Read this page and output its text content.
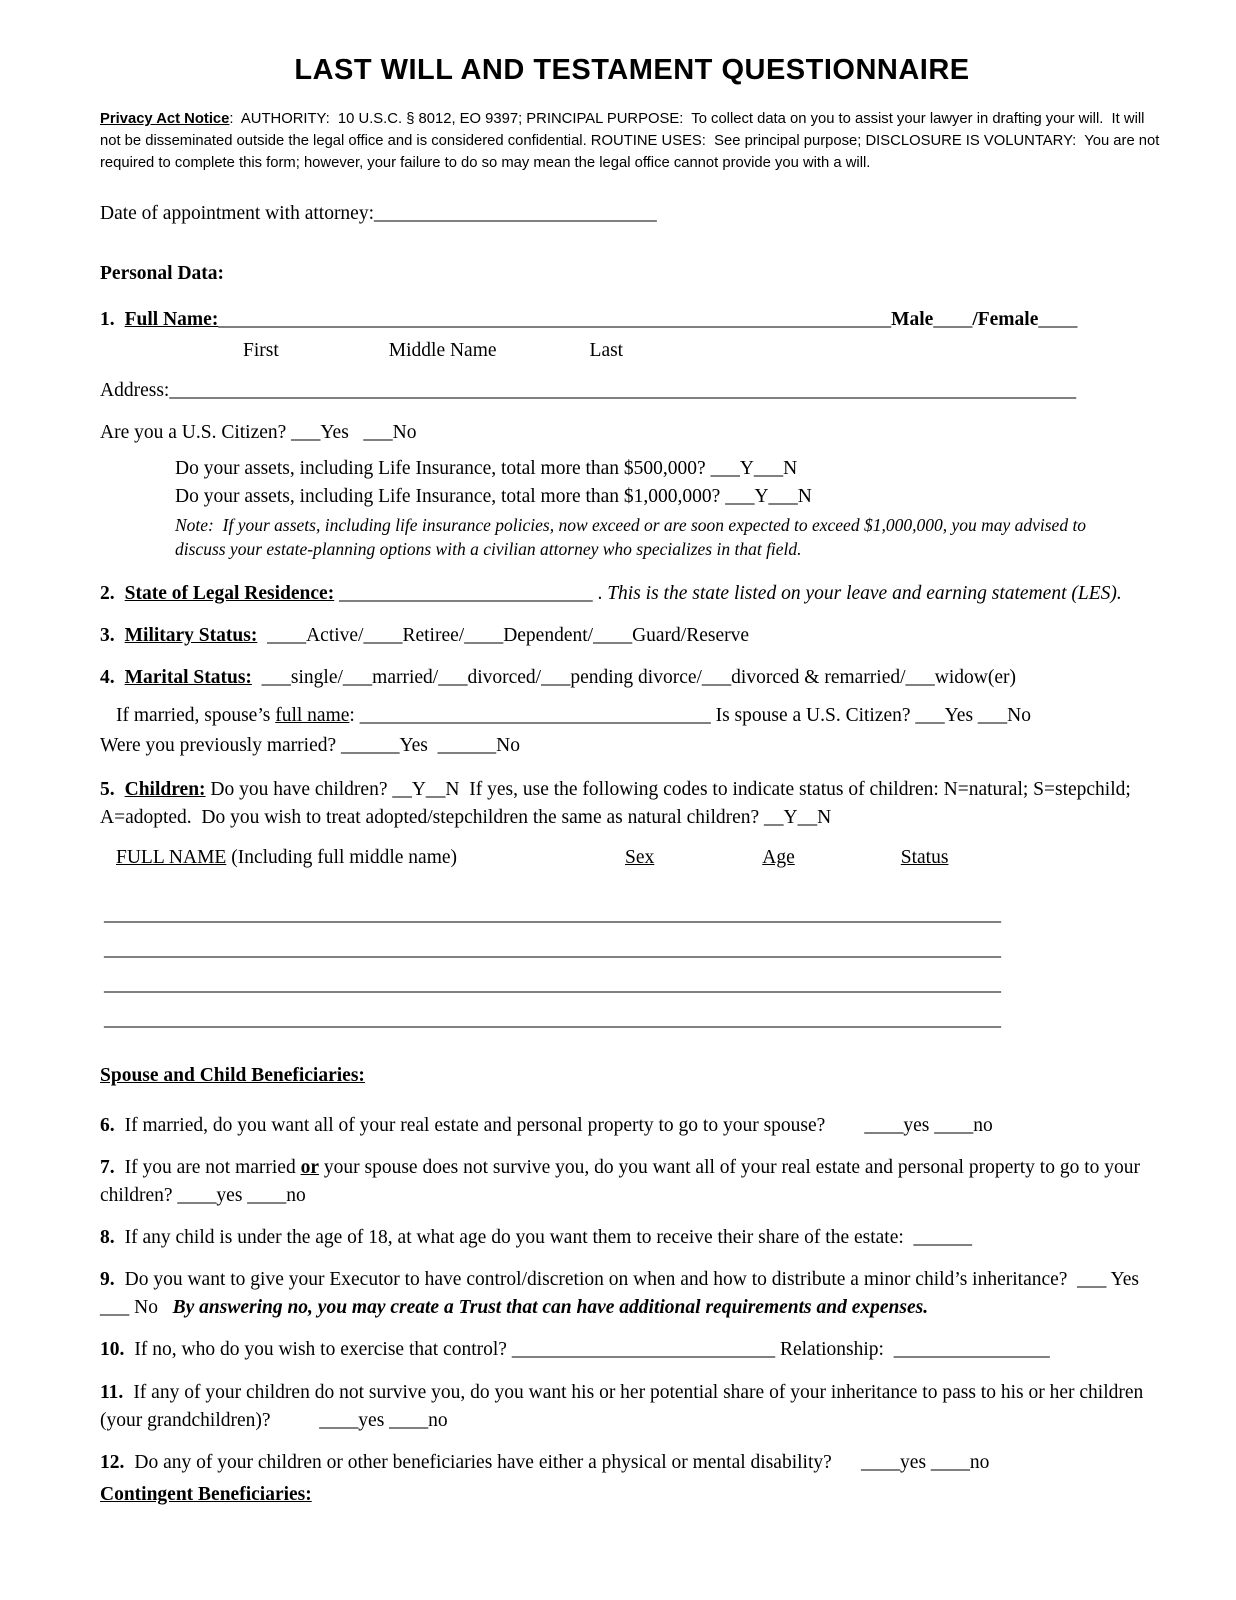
LAST WILL AND TESTAMENT QUESTIONNAIRE

Privacy Act Notice:  AUTHORITY:  10 U.S.C. § 8012, EO 9397; PRINCIPAL PURPOSE:  To collect data on you to assist your lawyer in drafting your will.  It will not be disseminated outside the legal office and is considered confidential. ROUTINE USES:  See principal purpose; DISCLOSURE IS VOLUNTARY:  You are not required to complete this form; however, your failure to do so may mean the legal office cannot provide you with a will.

Date of appointment with attorney:_____________________________

Personal Data:

1. Full Name:_____________________________________________________________________Male____/Female____

First	Middle Name	Last

Address:_____________________________________________________________________________________________

Are you a U.S. Citizen? ___Yes   ___No

Do your assets, including Life Insurance, total more than $500,000? ___Y___N

Do your assets, including Life Insurance, total more than $1,000,000? ___Y___N

Note:  If your assets, including life insurance policies, now exceed or are soon expected to exceed $1,000,000, you may advised to discuss your estate-planning options with a civilian attorney who specializes in that field.

2. State of Legal Residence: __________________________ . This is the state listed on your leave and earning statement (LES).

3. Military Status:  ____Active/____Retiree/____Dependent/____Guard/Reserve

4. Marital Status:  ___single/___married/___divorced/___pending divorce/___divorced & remarried/___widow(er)

If married, spouse’s full name: ____________________________________ Is spouse a U.S. Citizen? ___Yes ___No

Were you previously married? ______Yes  ______No

5. Children: Do you have children? __Y__N  If yes, use the following codes to indicate status of children: N=natural; S=stepchild; A=adopted.  Do you wish to treat adopted/stepchildren the same as natural children? __Y__N

FULL NAME (Including full middle name)	Sex	Age	Status

____________________________________________________________________________________________
____________________________________________________________________________________________
____________________________________________________________________________________________
____________________________________________________________________________________________

Spouse and Child Beneficiaries:

6. If married, do you want all of your real estate and personal property to go to your spouse?        ____yes ____no

7. If you are not married or your spouse does not survive you, do you want all of your real estate and personal property to go to your children? ____yes ____no

8. If any child is under the age of 18, at what age do you want them to receive their share of the estate:  ______

9. Do you want to give your Executor to have control/discretion on when and how to distribute a minor child’s inheritance?  ___ Yes  ___ No   By answering no, you may create a Trust that can have additional requirements and expenses.

10. If no, who do you wish to exercise that control? ___________________________ Relationship:  ________________

11. If any of your children do not survive you, do you want his or her potential share of your inheritance to pass to his or her children (your grandchildren)?          ____yes ____no

12. Do any of your children or other beneficiaries have either a physical or mental disability?      ____yes ____no

Contingent Beneficiaries:
